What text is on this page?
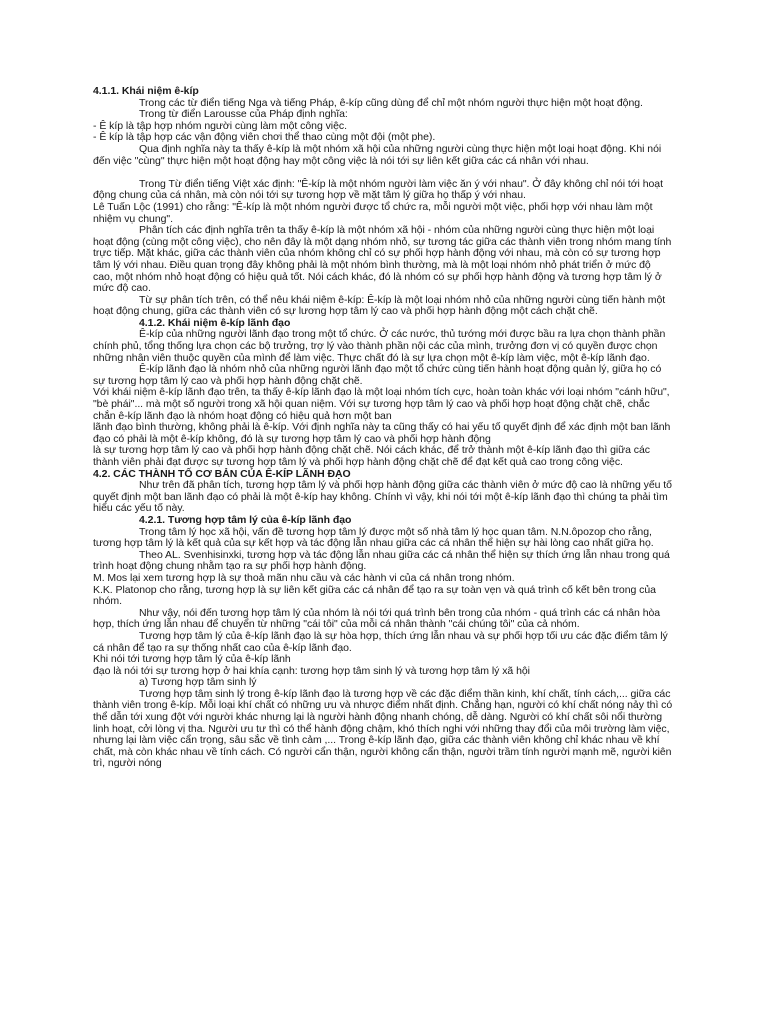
4.1.1. Khái niệm ê-kíp

Trong các từ điển tiếng Nga và tiếng Pháp, ê-kíp cũng dùng để chỉ một nhóm người thực hiện một hoạt động.

Trong từ điển Larousse của Pháp định nghĩa:

- Ê kíp là tập hợp nhóm người cùng làm một công việc.

- Ê kíp là tập hợp các vận động viên chơi thể thao cùng một đội (một phe).

Qua định nghĩa này ta thấy ê-kíp là một nhóm xã hội của những người cùng thực hiện một loại hoạt động. Khi nói đến việc "cùng" thực hiện một hoạt động hay một công việc là nói tới sự liên kết giữa các cá nhân với nhau.

Trong Từ điển tiếng Việt xác định: "Ê-kíp là một nhóm người làm việc ăn ý với nhau". Ở đây không chỉ nói tới hoạt động chung của cá nhân, mà còn nói tới sự tương hợp về mặt tâm lý giữa họ thấp ý với nhau.

Lê Tuấn Lộc (1991) cho rằng: "Ê-kíp là một nhóm người được tổ chức ra, mỗi người một việc, phối hợp với nhau làm một nhiệm vụ chung".

Phân tích các định nghĩa trên ta thấy ê-kíp là một nhóm xã hội - nhóm của những người cùng thực hiện một loại hoạt động (cùng một công việc), cho nên đây là một dạng nhóm nhỏ, sự tương tác giữa các thành viên trong nhóm mang tính trực tiếp. Mặt khác, giữa các thành viên của nhóm không chỉ có sự phối hợp hành động với nhau, mà còn có sự tương hợp tâm lý với nhau. Điều quan trọng đây không phải là một nhóm bình thường, mà là một loại nhóm nhỏ phát triển ở mức độ cao, một nhóm nhỏ hoạt động có hiệu quả tốt. Nói cách khác, đó là nhóm có sự phối hợp hành động và tương hợp tâm lý ở mức độ cao.

Từ sự phân tích trên, có thể nêu khái niệm ê-kíp: Ê-kíp là một loại nhóm nhỏ của những người cùng tiến hành một hoạt động chung, giữa các thành viên có sự lương hợp tâm lý cao và phối hợp hành động một cách chặt chẽ.

4.1.2. Khái niệm ê-kíp lãnh đạo

Ê-kíp của những người lãnh đạo trong một tổ chức. Ở các nước, thủ tướng mới được bầu ra lựa chọn thành phần chính phủ, tổng thống lựa chọn các bộ trưởng, trợ lý vào thành phần nội các của mình, trưởng đơn vị có quyền được chọn những nhân viên thuộc quyền của mình để làm việc. Thực chất đó là sự lựa chọn một ê-kíp làm việc, một ê-kíp lãnh đạo.

Ê-kíp lãnh đạo là nhóm nhỏ của những người lãnh đạo một tổ chức cùng tiến hành hoạt động quản lý, giữa họ có sự tương hợp tâm lý cao và phối hợp hành động chặt chẽ.

Với khái niệm ê-kíp lãnh đạo trên, ta thấy ê-kíp lãnh đạo là một loại nhóm tích cực, hoàn toàn khác với loại nhóm "cánh hữu", "bè phái"... mà một số người trong xã hội quan niệm. Với sự tương hợp tâm lý cao và phối hợp hoạt động chặt chẽ, chắc chắn ê-kíp lãnh đạo là nhóm hoạt động có hiệu quả hơn một ban

lãnh đạo bình thường, không phải là ê-kíp. Với định nghĩa này ta cũng thấy có hai yếu tố quyết định để xác định một ban lãnh đạo có phải là một ê-kíp không, đó là sự tương hợp tâm lý cao và phối hợp hành động

là sự tương hợp tâm lý cao và phối hợp hành động chặt chẽ. Nói cách khác, để trở thành một ê-kíp lãnh đạo thì giữa các thành viên phải đạt được sự tương hợp tâm lý và phối hợp hành động chặt chẽ để đạt kết quả cao trong công việc.

4.2. CÁC THÀNH TỐ CƠ BẢN CỦA Ê-KÍP LÃNH ĐẠO

Như trên đã phân tích, tương hợp tâm lý và phối hợp hành động giữa các thành viên ở mức độ cao là những yếu tố quyết định một ban lãnh đạo có phải là một ê-kíp hay không. Chính vì vậy, khi nói tới một ê-kíp lãnh đạo thì chúng ta phải tìm hiểu các yếu tố này.

4.2.1. Tương hợp tâm lý của ê-kíp lãnh đạo

Trong tâm lý học xã hội, vấn đề tương hợp tâm lý được một số nhà tâm lý học quan tâm. N.N.ôpozop cho rằng, tương hợp tâm lý là kết quả của sự kết hợp và tác động lẫn nhau giữa các cá nhân thể hiện sự hài lòng cao nhất giữa họ.

Theo AL. Svenhisinxki, tương hợp và tác động lẫn nhau giữa các cá nhân thể hiện sự thích ứng lẫn nhau trong quá trình hoạt động chung nhằm tạo ra sự phối hợp hành động.

M. Mos lại xem tương hợp là sự thoả mãn nhu cầu và các hành vi của cá nhân trong nhóm.

K.K. Platonop cho rằng, tương hợp là sự liên kết giữa các cá nhân để tạo ra sự toàn vẹn và quá trình cố kết bên trong của nhóm.

Như vậy, nói đến tương hợp tâm lý của nhóm là nói tới quá trình bên trong của nhóm - quá trình các cá nhân hòa hợp, thích ứng lẫn nhau để chuyển từ những "cái tôi" của mỗi cá nhân thành "cái chúng tôi" của cả nhóm.

Tương hợp tâm lý của ê-kíp lãnh đạo là sự hòa hợp, thích ứng lẫn nhau và sự phối hợp tối ưu các đặc điểm tâm lý cá nhân để tạo ra sự thống nhất cao của ê-kíp lãnh đạo.

Khi nói tới tương hợp tâm lý của ê-kíp lãnh

đạo là nói tới sự tương hợp ở hai khía cạnh: tương hợp tâm sinh lý và tương hợp tâm lý xã hội

a) Tương hợp tâm sinh lý

Tương hợp tâm sinh lý trong ê-kíp lãnh đạo là tương hợp về các đặc điểm thần kinh, khí chất, tính cách,... giữa các thành viên trong ê-kíp. Mỗi loại khí chất có những ưu và nhược điểm nhất định. Chẳng hạn, người có khí chất nóng nảy thì có thể dẫn tới xung đột với người khác nhưng lại là người hành động nhanh chóng, dễ dàng. Người có khí chất sôi nổi thường linh hoạt, cởi lòng vị tha. Người ưu tư thì có thể hành động chậm, khó thích nghi với những thay đổi của môi trường làm việc, nhưng lại làm việc cẩn trọng, sâu sắc về tình cảm ,... Trong ê-kíp lãnh đạo, giữa các thành viên không chỉ khác nhau về khí chất, mà còn khác nhau về tính cách. Có người cẩn thận, người không cẩn thận, người trầm tính người mạnh mẽ, người kiên trì, người nóng
